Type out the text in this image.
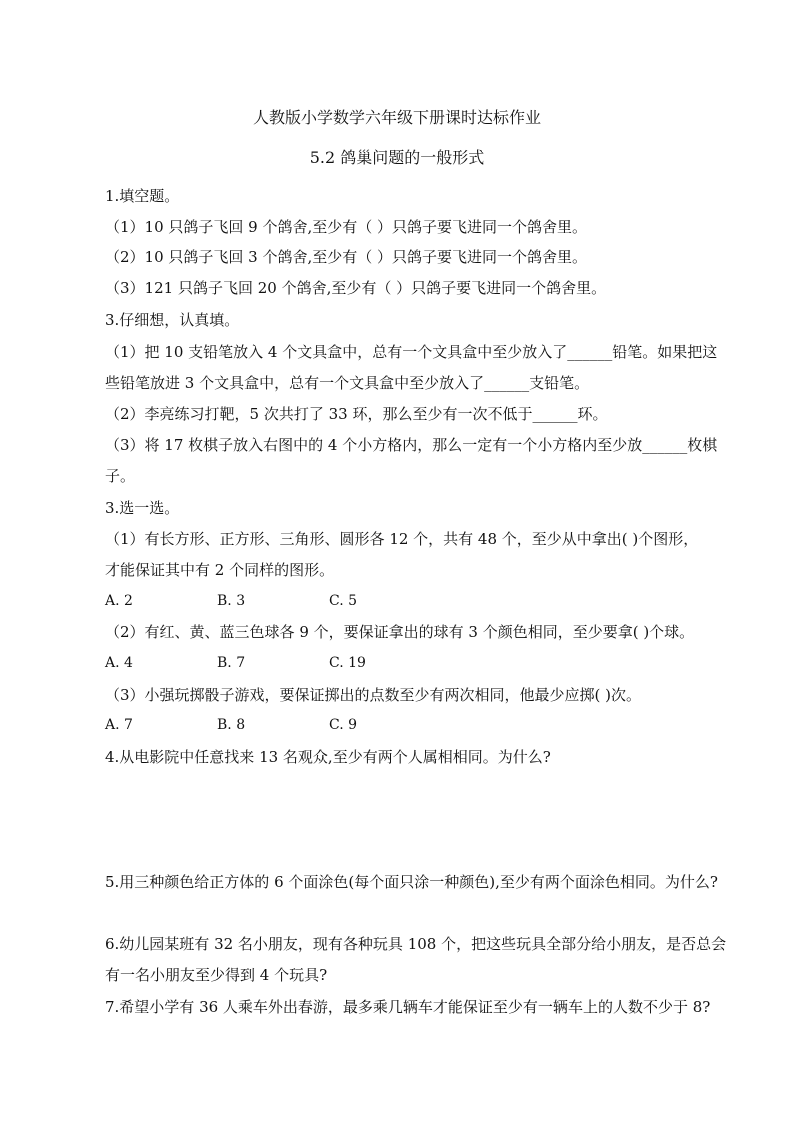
人教版小学数学六年级下册课时达标作业
5.2 鸽巢问题的一般形式
1.填空题。
（1）10 只鸽子飞回 9 个鸽舍,至少有（ ）只鸽子要飞进同一个鸽舍里。
（2）10 只鸽子飞回 3 个鸽舍,至少有（ ）只鸽子要飞进同一个鸽舍里。
（3）121 只鸽子飞回 20 个鸽舍,至少有（ ）只鸽子要飞进同一个鸽舍里。
3.仔细想，认真填。
（1）把 10 支铅笔放入 4 个文具盒中，总有一个文具盒中至少放入了______铅笔。如果把这
些铅笔放进 3 个文具盒中，总有一个文具盒中至少放入了______支铅笔。
（2）李亮练习打靶，5 次共打了 33 环，那么至少有一次不低于______环。
（3）将 17 枚棋子放入右图中的 4 个小方格内，那么一定有一个小方格内至少放______枚棋
子。
3.选一选。
（1）有长方形、正方形、三角形、圆形各 12 个，共有 48 个，至少从中拿出( )个图形，
才能保证其中有 2 个同样的图形。
A. 2	B. 3	C. 5
（2）有红、黄、蓝三色球各 9 个，要保证拿出的球有 3 个颜色相同，至少要拿( )个球。
A. 4	B. 7	C. 19
（3）小强玩掷骰子游戏，要保证掷出的点数至少有两次相同，他最少应掷( )次。
A. 7	B. 8	C. 9
4.从电影院中任意找来 13 名观众,至少有两个人属相相同。为什么?
5.用三种颜色给正方体的 6 个面涂色(每个面只涂一种颜色),至少有两个面涂色相同。为什么?
6.幼儿园某班有 32 名小朋友，现有各种玩具 108 个，把这些玩具全部分给小朋友，是否总会
有一名小朋友至少得到 4 个玩具?
7.希望小学有 36 人乘车外出春游，最多乘几辆车才能保证至少有一辆车上的人数不少于 8?
